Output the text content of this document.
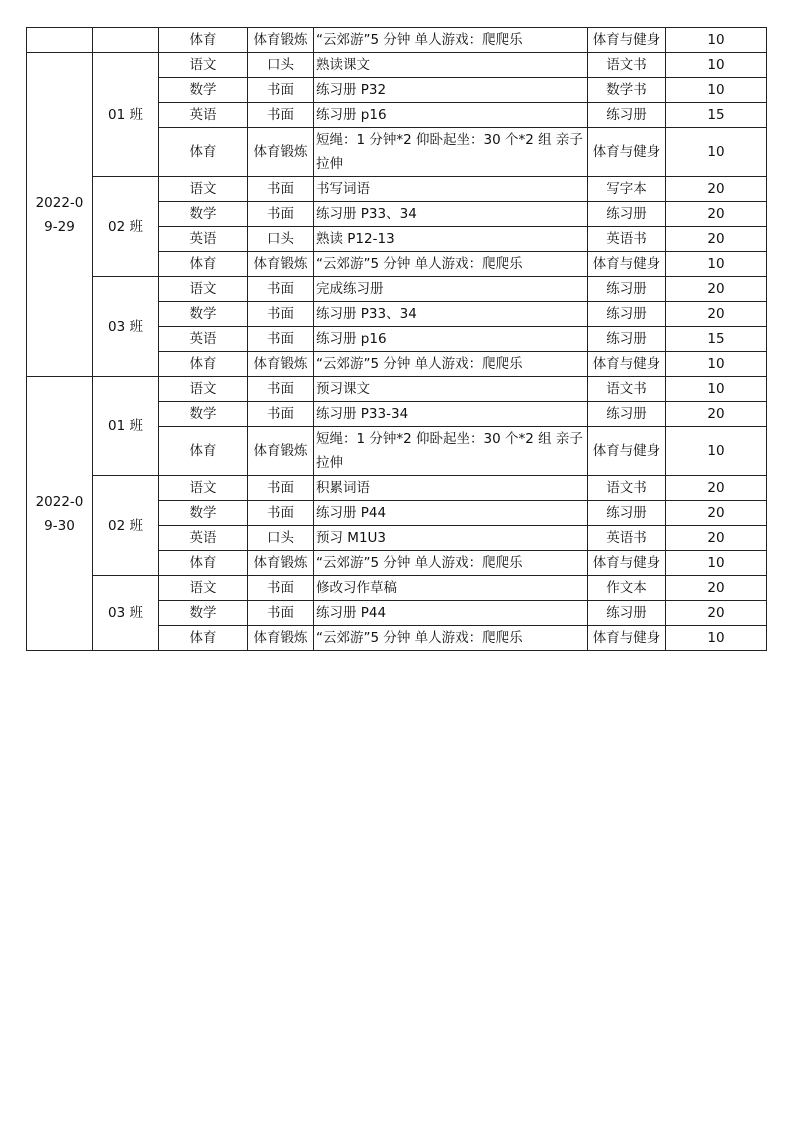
		体育	体育锻炼	“云郊游”5 分钟 单人游戏：爬爬乐	体育与健身	10
2022-09-29	01 班	语文	口头	熟读课文	语文书	10
		数学	书面	练习册 P32	数学书	10
		英语	书面	练习册 p16	练习册	15
		体育	体育锻炼	短绳：1 分钟*2 仰卧起坐：30 个*2 组 亲子拉伸	体育与健身	10
	02 班	语文	书面	书写词语	写字本	20
		数学	书面	练习册 P33、34	练习册	20
		英语	口头	熟读 P12-13	英语书	20
		体育	体育锻炼	“云郊游”5 分钟 单人游戏：爬爬乐	体育与健身	10
	03 班	语文	书面	完成练习册	练习册	20
		数学	书面	练习册 P33、34	练习册	20
		英语	书面	练习册 p16	练习册	15
		体育	体育锻炼	“云郊游”5 分钟 单人游戏：爬爬乐	体育与健身	10
2022-09-30	01 班	语文	书面	预习课文	语文书	10
		数学	书面	练习册 P33-34	练习册	20
		体育	体育锻炼	短绳：1 分钟*2 仰卧起坐：30 个*2 组 亲子拉伸	体育与健身	10
	02 班	语文	书面	积累词语	语文书	20
		数学	书面	练习册 P44	练习册	20
		英语	口头	预习 M1U3	英语书	20
		体育	体育锻炼	“云郊游”5 分钟 单人游戏：爬爬乐	体育与健身	10
	03 班	语文	书面	修改习作草稿	作文本	20
		数学	书面	练习册 P44	练习册	20
		体育	体育锻炼	“云郊游”5 分钟 单人游戏：爬爬乐	体育与健身	10
